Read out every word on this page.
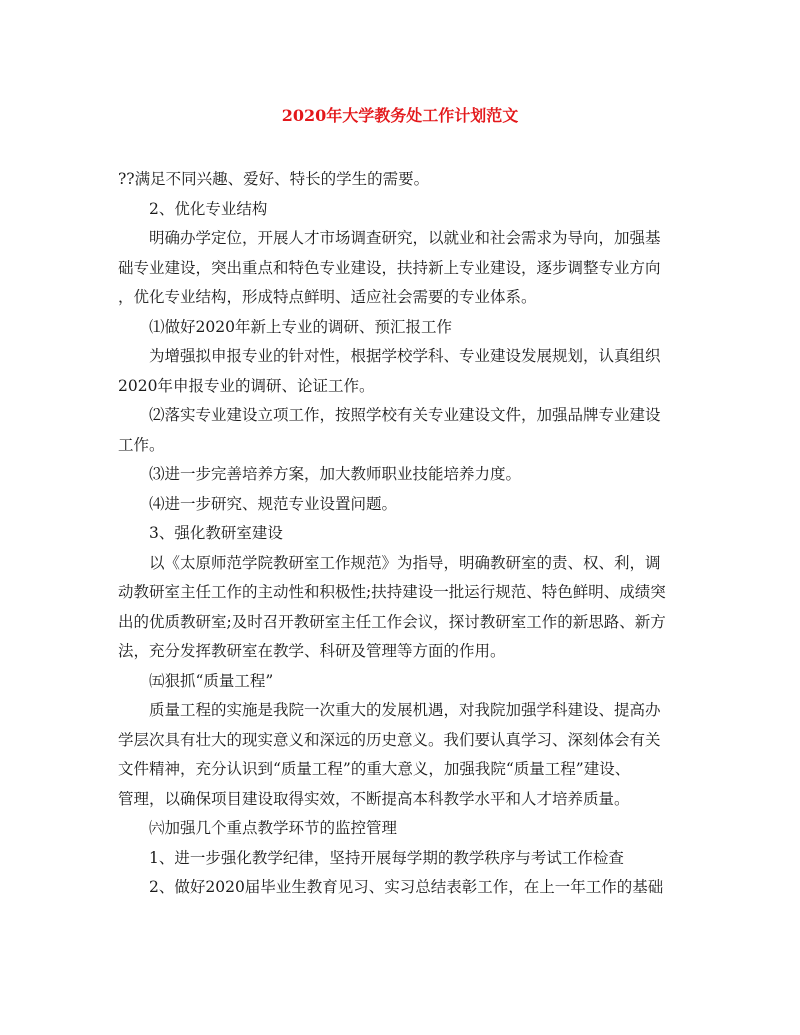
2020年大学教务处工作计划范文

??满足不同兴趣、爱好、特长的学生的需要。

2、优化专业结构

明确办学定位，开展人才市场调查研究，以就业和社会需求为导向，加强基

础专业建设，突出重点和特色专业建设，扶持新上专业建设，逐步调整专业方向

，优化专业结构，形成特点鲜明、适应社会需要的专业体系。

⑴做好2020年新上专业的调研、预汇报工作

为增强拟申报专业的针对性，根据学校学科、专业建设发展规划，认真组织

2020年申报专业的调研、论证工作。

⑵落实专业建设立项工作，按照学校有关专业建设文件，加强品牌专业建设

工作。

⑶进一步完善培养方案，加大教师职业技能培养力度。

⑷进一步研究、规范专业设置问题。

3、强化教研室建设

以《太原师范学院教研室工作规范》为指导，明确教研室的责、权、利，调

动教研室主任工作的主动性和积极性;扶持建设一批运行规范、特色鲜明、成绩突

出的优质教研室;及时召开教研室主任工作会议，探讨教研室工作的新思路、新方

法，充分发挥教研室在教学、科研及管理等方面的作用。

㈤狠抓“质量工程”

质量工程的实施是我院一次重大的发展机遇，对我院加强学科建设、提高办

学层次具有壮大的现实意义和深远的历史意义。我们要认真学习、深刻体会有关

文件精神，充分认识到“质量工程”的重大意义，加强我院“质量工程”建设、

管理，以确保项目建设取得实效，不断提高本科教学水平和人才培养质量。

㈥加强几个重点教学环节的监控管理

1、进一步强化教学纪律，坚持开展每学期的教学秩序与考试工作检查

2、做好2020届毕业生教育见习、实习总结表彰工作，在上一年工作的基础
